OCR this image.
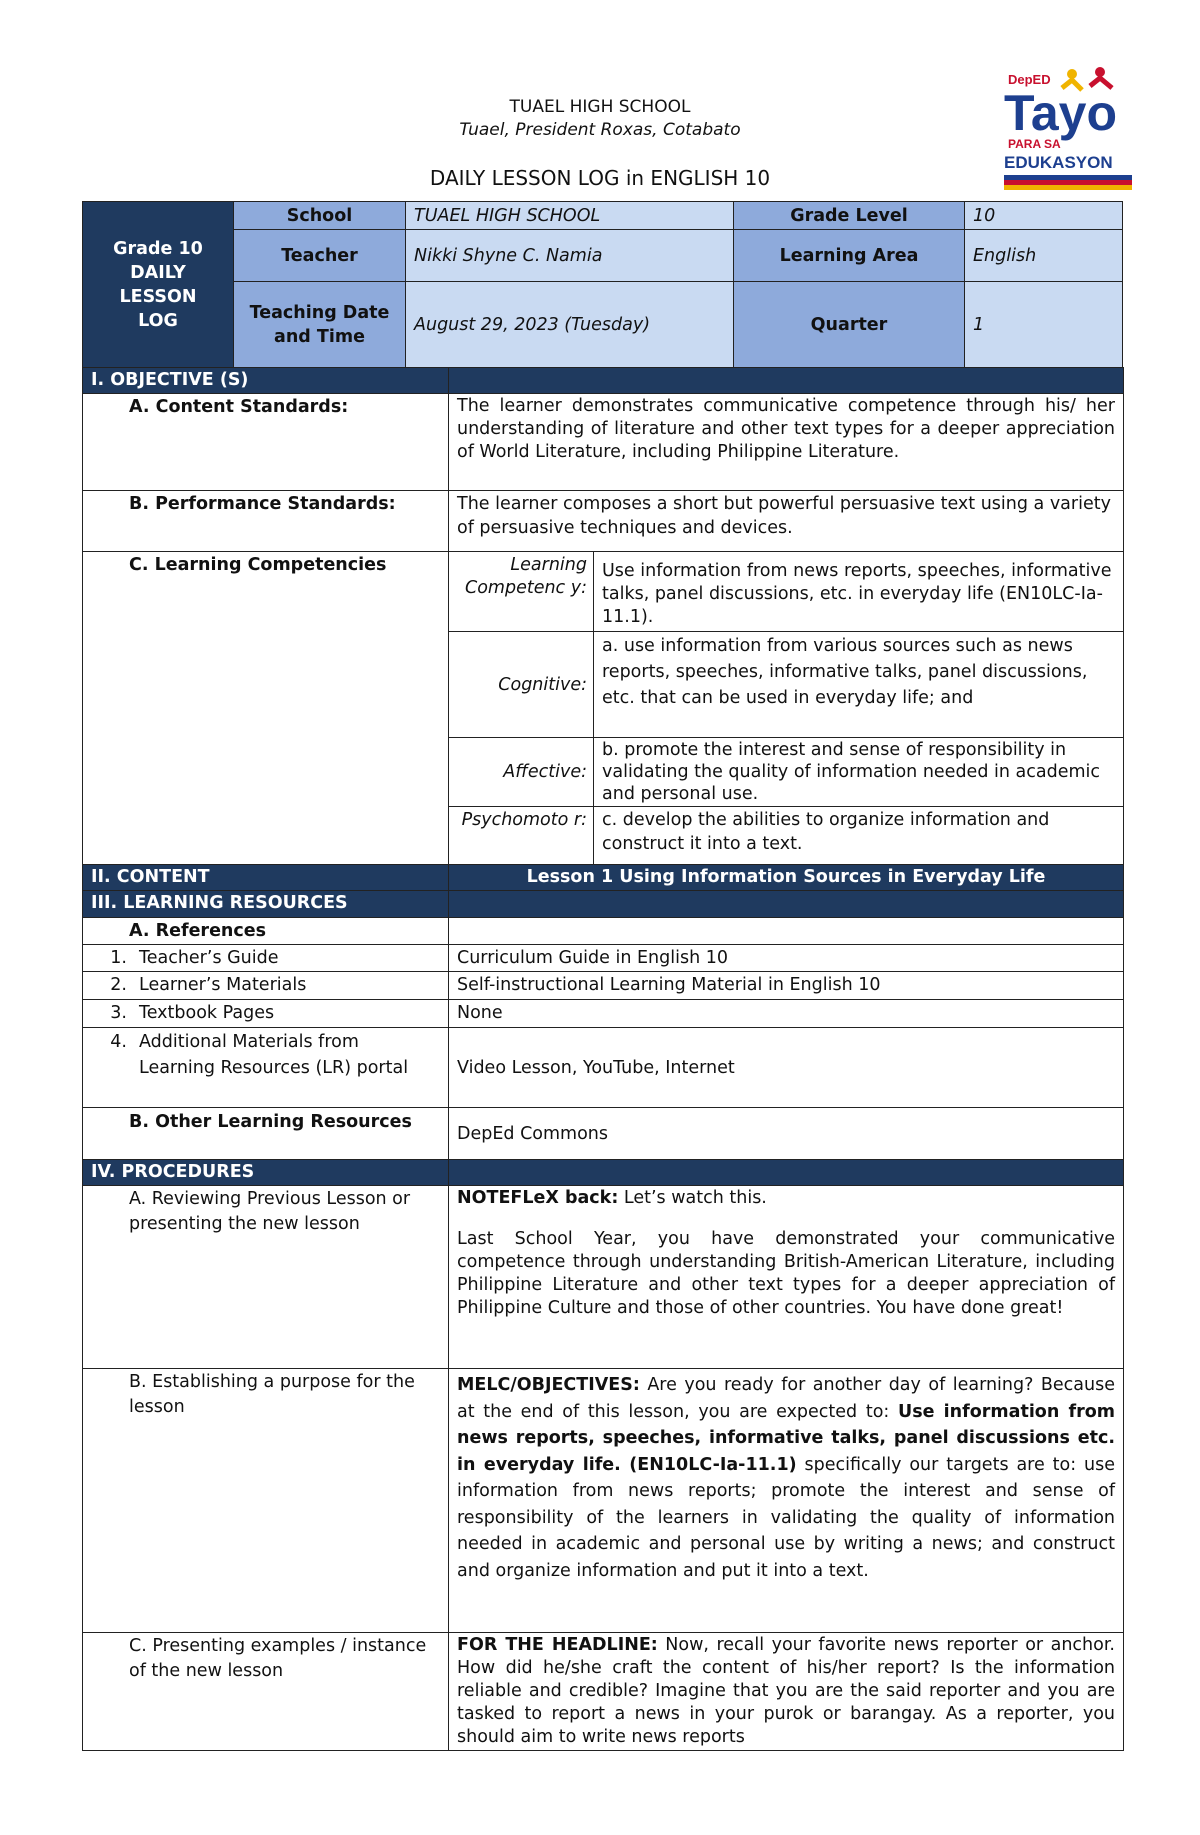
TUAEL HIGH SCHOOL
Tuael, President Roxas, Cotabato
DAILY LESSON LOG in ENGLISH 10
DepED
Tayo
PARA SA
EDUKASYON
Grade 10 DAILY LESSON LOG	School	TUAEL HIGH SCHOOL	Grade Level	10
	Teacher	Nikki Shyne C. Namia	Learning Area	English
	Teaching Date and Time	August 29, 2023 (Tuesday)	Quarter	1
I. OBJECTIVE (S)		
A. Content Standards:	The learner demonstrates communicative competence through his/ her understanding of literature and other text types for a deeper appreciation of World Literature, including Philippine Literature.	
B. Performance Standards:	The learner composes a short but powerful persuasive text using a variety of persuasive techniques and devices.	
C. Learning Competencies	Learning Competenc y:	Use information from news reports, speeches, informative talks, panel discussions, etc. in everyday life (EN10LC-Ia-11.1).
	Cognitive:	a. use information from various sources such as news reports, speeches, informative talks, panel discussions, etc. that can be used in everyday life; and
	Affective:	b. promote the interest and sense of responsibility in validating the quality of information needed in academic and personal use.
	Psychomoto r:	c. develop the abilities to organize information and construct it into a text.
II. CONTENT	Lesson 1 Using Information Sources in Everyday Life	
III. LEARNING RESOURCES		
A. References		
1. Teacher’s Guide	Curriculum Guide in English 10	
2. Learner’s Materials	Self-instructional Learning Material in English 10	
3. Textbook Pages	None	

4. Additional Materials from Learning Resources (LR) portal	Video Lesson, YouTube, Internet	

B. Other Learning Resources	DepEd Commons	
IV. PROCEDURES		
A. Reviewing Previous Lesson or presenting the new lesson	NOTEFLeX back: Let’s watch this.

Last School Year, you have demonstrated your communicative competence through understanding British-American Literature, including Philippine Literature and other text types for a deeper appreciation of Philippine Culture and those of other countries. You have done great!	

B. Establishing a purpose for the lesson	MELC/OBJECTIVES: Are you ready for another day of learning? Because at the end of this lesson, you are expected to: Use information from news reports, speeches, informative talks, panel discussions etc. in everyday life. (EN10LC-Ia-11.1) specifically our targets are to: use information from news reports; promote the interest and sense of responsibility of the learners in validating the quality of information needed in academic and personal use by writing a news; and construct and organize information and put it into a text.	
C. Presenting examples / instance of the new lesson	FOR THE HEADLINE: Now, recall your favorite news reporter or anchor. How did he/she craft the content of his/her report? Is the information reliable and credible? Imagine that you are the said reporter and you are tasked to report a news in your purok or barangay. As a reporter, you should aim to write news reports	
